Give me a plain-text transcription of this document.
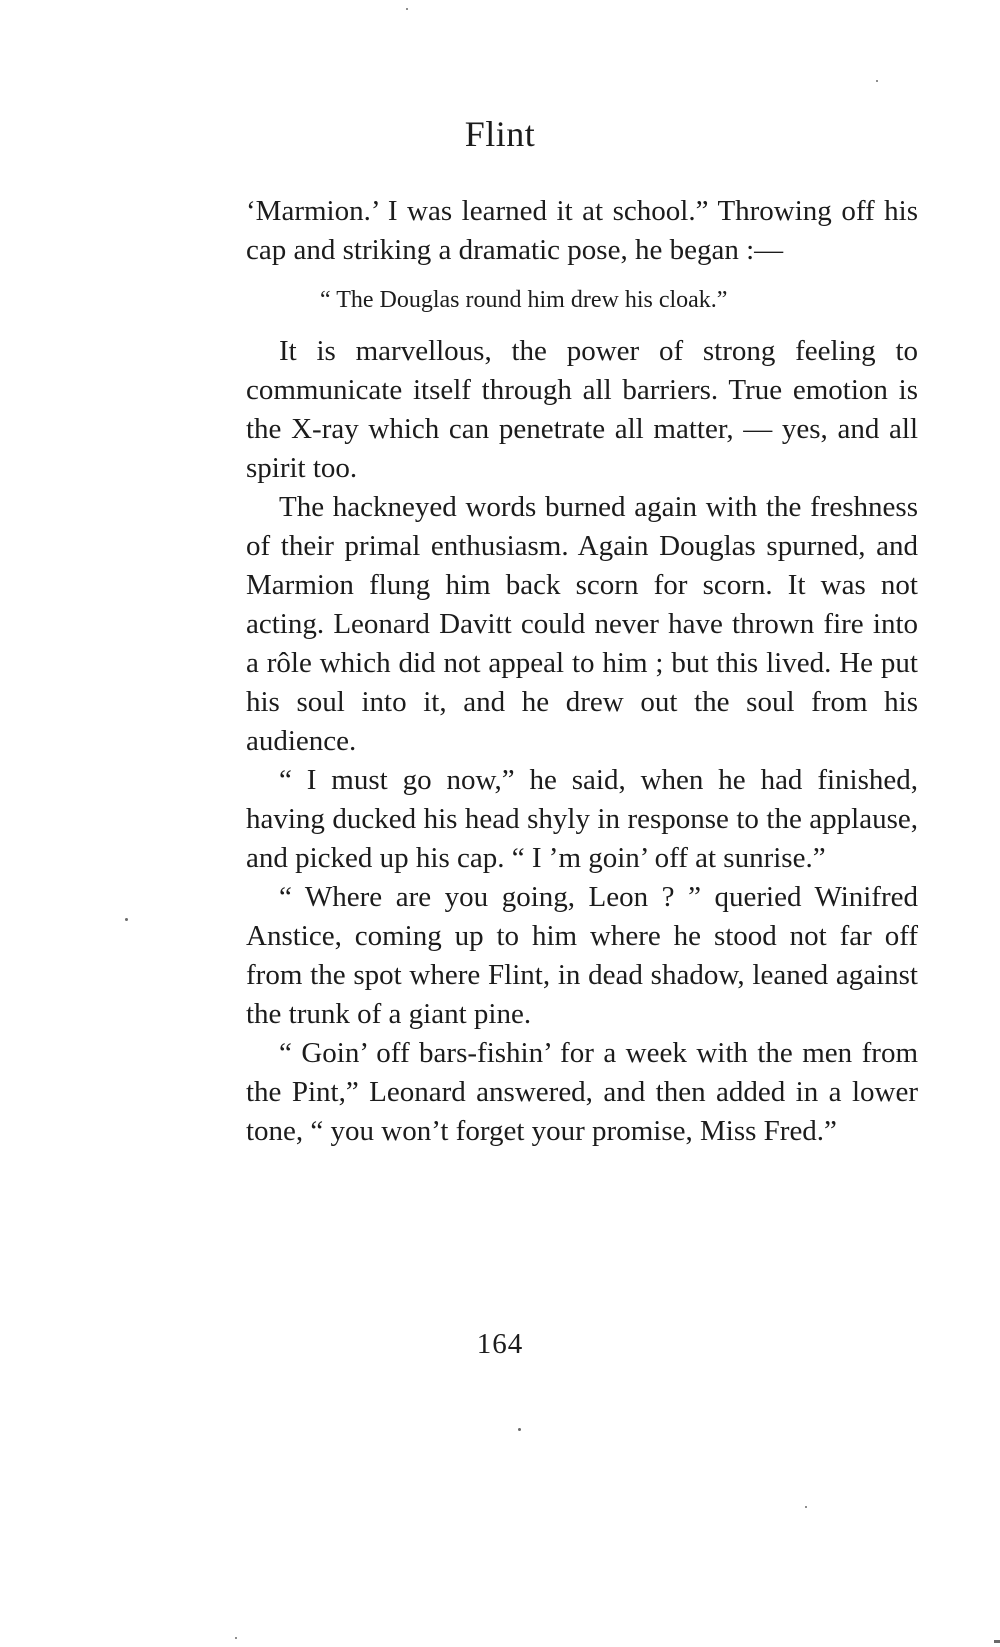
Flint

‘Marmion.’ I was learned it at school.” Throwing off his cap and striking a dramatic pose, he began :—

“ The Douglas round him drew his cloak.”

It is marvellous, the power of strong feeling to communicate itself through all barriers. True emotion is the X-ray which can penetrate all matter, — yes, and all spirit too.

The hackneyed words burned again with the freshness of their primal enthusiasm. Again Douglas spurned, and Marmion flung him back scorn for scorn. It was not acting. Leonard Davitt could never have thrown fire into a rôle which did not appeal to him ; but this lived. He put his soul into it, and he drew out the soul from his audience.

“ I must go now,” he said, when he had finished, having ducked his head shyly in response to the applause, and picked up his cap. “ I ’m goin’ off at sunrise.”

“ Where are you going, Leon ? ” queried Winifred Anstice, coming up to him where he stood not far off from the spot where Flint, in dead shadow, leaned against the trunk of a giant pine.

“ Goin’ off bars-fishin’ for a week with the men from the Pint,” Leonard answered, and then added in a lower tone, “ you won’t forget your promise, Miss Fred.”

164
